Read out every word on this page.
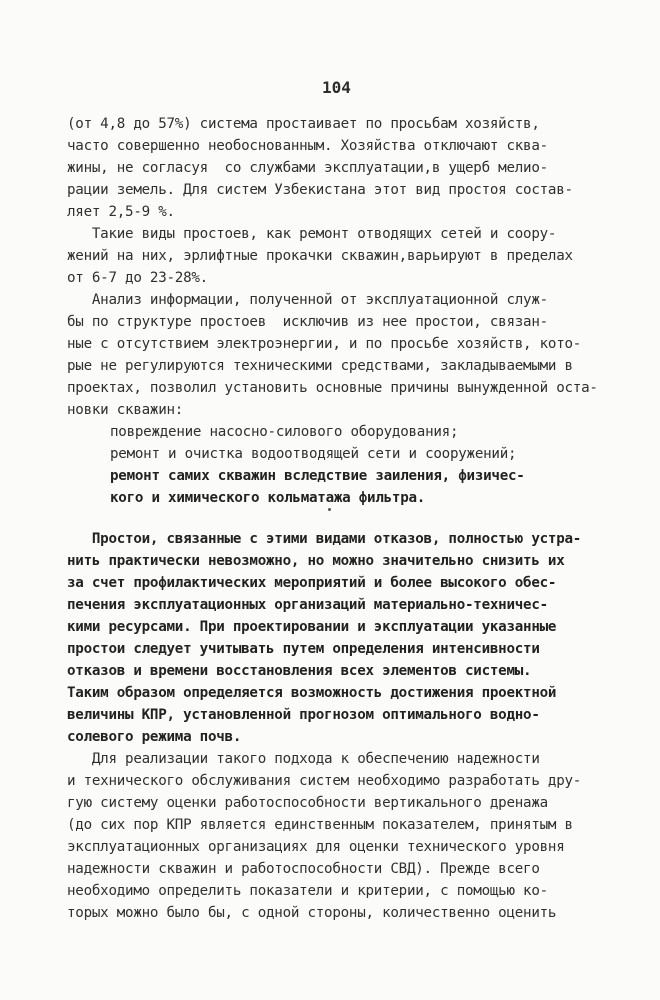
104
(от 4,8 до 57%) система простаивает по просьбам хозяйств,
часто совершенно необоснованным. Хозяйства отключают сква-
жины, не согласуя  со службами эксплуатации,в ущерб мелио-
рации земель. Для систем Узбекистана этот вид простоя состав-
ляет 2,5-9 %.
Такие виды простоев, как ремонт отводящих сетей и соору-
жений на них, эрлифтные прокачки скважин,варьируют в пределах
от 6-7 до 23-28%.
Анализ информации, полученной от эксплуатационной служ-
бы по структуре простоев  исключив из нее простои, связан-
ные с отсутствием электроэнергии, и по просьбе хозяйств, кото-
рые не регулируются техническими средствами, закладываемыми в
проектах, позволил установить основные причины вынужденной оста-
новки скважин:
повреждение насосно-силового оборудования;
ремонт и очистка водоотводящей сети и сооружений;
ремонт самих скважин вследствие заиления, физичес-
кого и химического кольматажа фильтра.
Простои, связанные с этими видами отказов, полностью устра-
нить практически невозможно, но можно значительно снизить их
за счет профилактических мероприятий и более высокого обес-
печения эксплуатационных организаций материально-техничес-
кими ресурсами. При проектировании и эксплуатации указанные
простои следует учитывать путем определения интенсивности
отказов и времени восстановления всех элементов системы.
Таким образом определяется возможность достижения проектной
величины КПР, установленной прогнозом оптимального водно-
солевого режима почв.
Для реализации такого подхода к обеспечению надежности
и технического обслуживания систем необходимо разработать дру-
гую систему оценки работоспособности вертикального дренажа
(до сих пор КПР является единственным показателем, принятым в
эксплуатационных организациях для оценки технического уровня
надежности скважин и работоспособности СВД). Прежде всего
необходимо определить показатели и критерии, с помощью ко-
торых можно было бы, с одной стороны, количественно оценить
